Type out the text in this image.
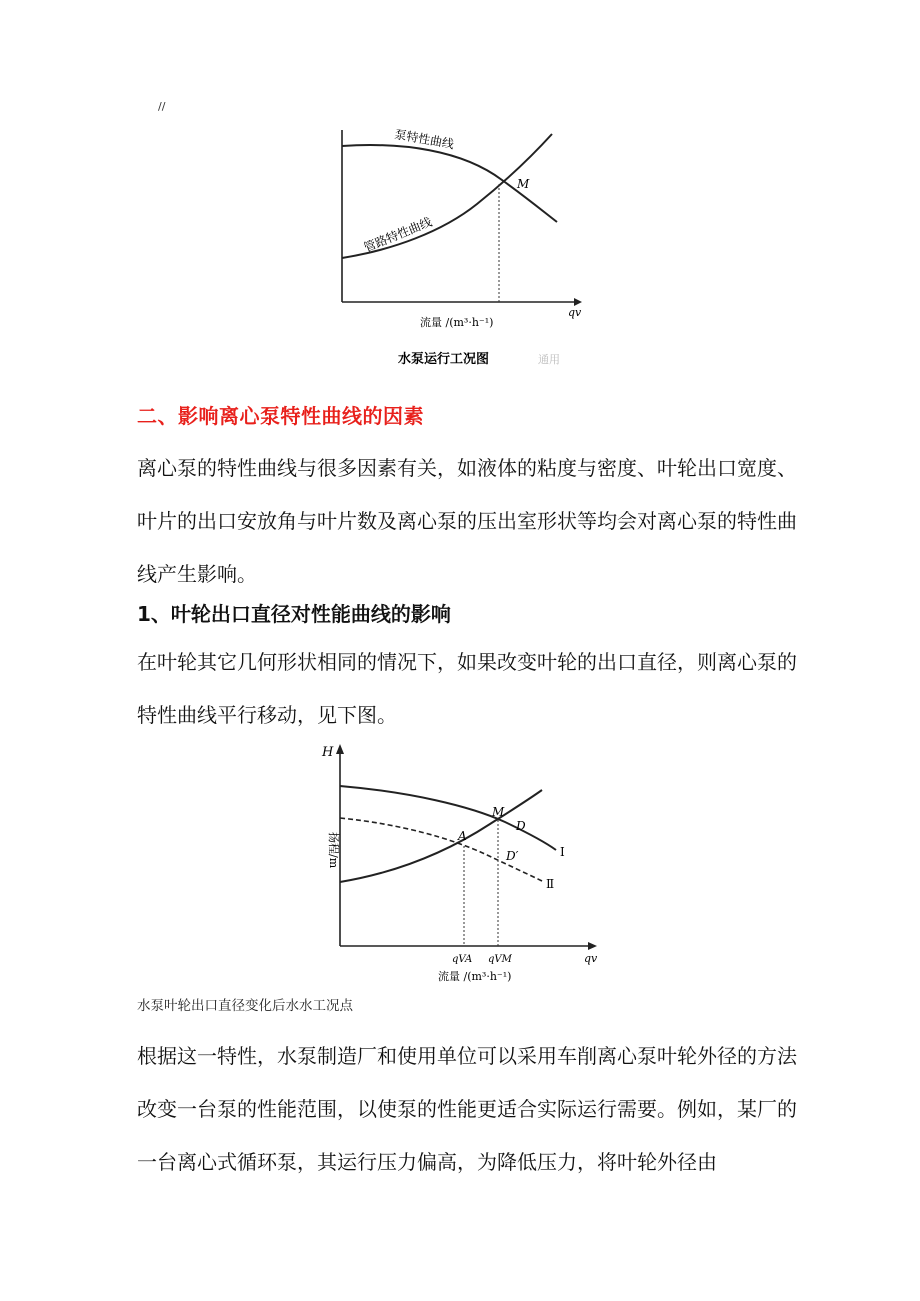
//
泵特性曲线
管路特性曲线
M
流量 /(m³·h⁻¹)
qv
水泵运行工况图	通用
二、影响离心泵特性曲线的因素

离心泵的特性曲线与很多因素有关，如液体的粘度与密度、叶轮出口宽度、叶片的出口安放角与叶片数及离心泵的压出室形状等均会对离心泵的特性曲线产生影响。

1、叶轮出口直径对性能曲线的影响

在叶轮其它几何形状相同的情况下，如果改变叶轮的出口直径，则离心泵的特性曲线平行移动，见下图。

H
扬程/m	A
M
D
D′	I
Ⅱ
qVA qVM	qv
流量 /(m³·h⁻¹)
水泵叶轮出口直径变化后水水工况点

根据这一特性，水泵制造厂和使用单位可以采用车削离心泵叶轮外径的方法改变一台泵的性能范围，以使泵的性能更适合实际运行需要。例如，某厂的一台离心式循环泵，其运行压力偏高，为降低压力，将叶轮外径由
